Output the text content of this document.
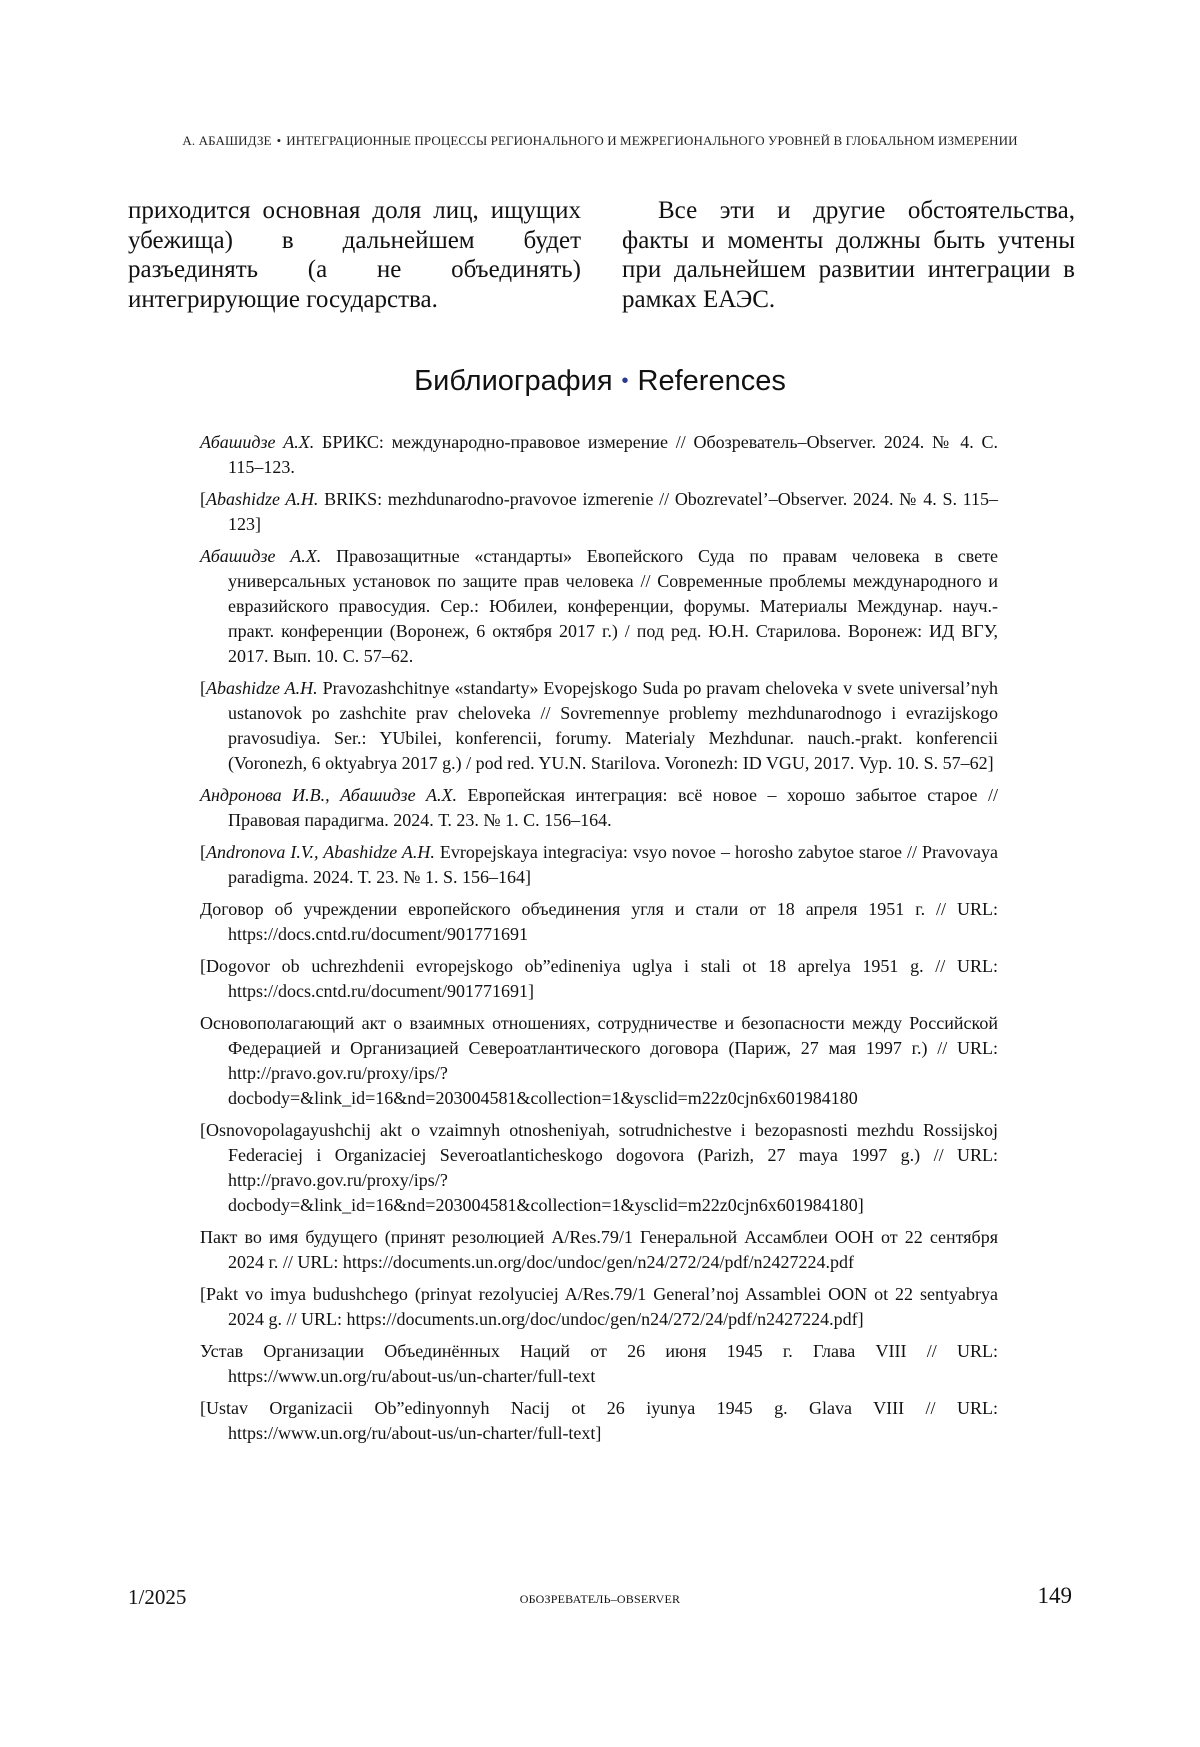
А. АБАШИДЗЕ • ИНТЕГРАЦИОННЫЕ ПРОЦЕССЫ РЕГИОНАЛЬНОГО И МЕЖРЕГИОНАЛЬНОГО УРОВНЕЙ В ГЛОБАЛЬНОМ ИЗМЕРЕНИИ

приходится основная доля лиц, ищущих убежища) в дальнейшем будет разъединять (а не объединять) интегрирующие государства.

Все эти и другие обстоятельства, факты и моменты должны быть учтены при дальнейшем развитии интеграции в рамках ЕАЭС.

Библиография • References

Абашидзе А.Х. БРИКС: международно-правовое измерение // Обозреватель–Observer. 2024. № 4. С. 115–123.

[Abashidze A.H. BRIKS: mezhdunarodno-pravovoe izmerenie // Obozrevatel’–Observer. 2024. № 4. S. 115–123]

Абашидзе А.Х. Правозащитные «стандарты» Евопейского Суда по правам человека в свете универсальных установок по защите прав человека // Современные проблемы международного и евразийского правосудия. Сер.: Юбилеи, конференции, форумы. Материалы Междунар. науч.-практ. конференции (Воронеж, 6 октября 2017 г.) / под ред. Ю.Н. Старилова. Воронеж: ИД ВГУ, 2017. Вып. 10. С. 57–62.

[Abashidze A.H. Pravozashchitnye «standarty» Evopejskogo Suda po pravam cheloveka v svete universal’nyh ustanovok po zashchite prav cheloveka // Sovremennye problemy mezhdunarodnogo i evrazijskogo pravosudiya. Ser.: YUbilei, konferencii, forumy. Materialy Mezhdunar. nauch.-prakt. konferencii (Voronezh, 6 oktyabrya 2017 g.) / pod red. YU.N. Starilova. Voronezh: ID VGU, 2017. Vyp. 10. S. 57–62]

Андронова И.В., Абашидзе А.Х. Европейская интеграция: всё новое – хорошо забытое старое // Правовая парадигма. 2024. Т. 23. № 1. С. 156–164.

[Andronova I.V., Abashidze A.H. Evropejskaya integraciya: vsyo novoe – horosho zabytoe staroe // Pravovaya paradigma. 2024. T. 23. № 1. S. 156–164]

Договор об учреждении европейского объединения угля и стали от 18 апреля 1951 г. // URL: https://docs.cntd.ru/document/901771691

[Dogovor ob uchrezhdenii evropejskogo ob”edineniya uglya i stali ot 18 aprelya 1951 g. // URL: https://docs.cntd.ru/document/901771691]

Основополагающий акт о взаимных отношениях, сотрудничестве и безопасности между Российской Федерацией и Организацией Североатлантического договора (Париж, 27 мая 1997 г.) // URL: http://pravo.gov.ru/proxy/ips/?docbody=&link_id=16&nd=203004581&collection=1&ysclid=m22z0cjn6x601984180

[Osnovopolagayushchij akt o vzaimnyh otnosheniyah, sotrudnichestve i bezopasnosti mezhdu Rossijskoj Federaciej i Organizaciej Severoatlanticheskogo dogovora (Parizh, 27 maya 1997 g.) // URL: http://pravo.gov.ru/proxy/ips/?docbody=&link_id=16&nd=203004581&collection=1&ysclid=m22z0cjn6x601984180]

Пакт во имя будущего (принят резолюцией A/Res.79/1 Генеральной Ассамблеи ООН от 22 сентября 2024 г. // URL: https://documents.un.org/doc/undoc/gen/n24/272/24/pdf/n2427224.pdf

[Pakt vo imya budushchego (prinyat rezolyuciej A/Res.79/1 General’noj Assamblei OON ot 22 sentyabrya 2024 g. // URL: https://documents.un.org/doc/undoc/gen/n24/272/24/pdf/n2427224.pdf]

Устав Организации Объединённых Наций от 26 июня 1945 г. Глава VIII // URL: https://www.un.org/ru/about-us/un-charter/full-text

[Ustav Organizacii Ob”edinyonnyh Nacij ot 26 iyunya 1945 g. Glava VIII // URL: https://www.un.org/ru/about-us/un-charter/full-text]

1/2025	ОБОЗРЕВАТЕЛЬ–OBSERVER	149
